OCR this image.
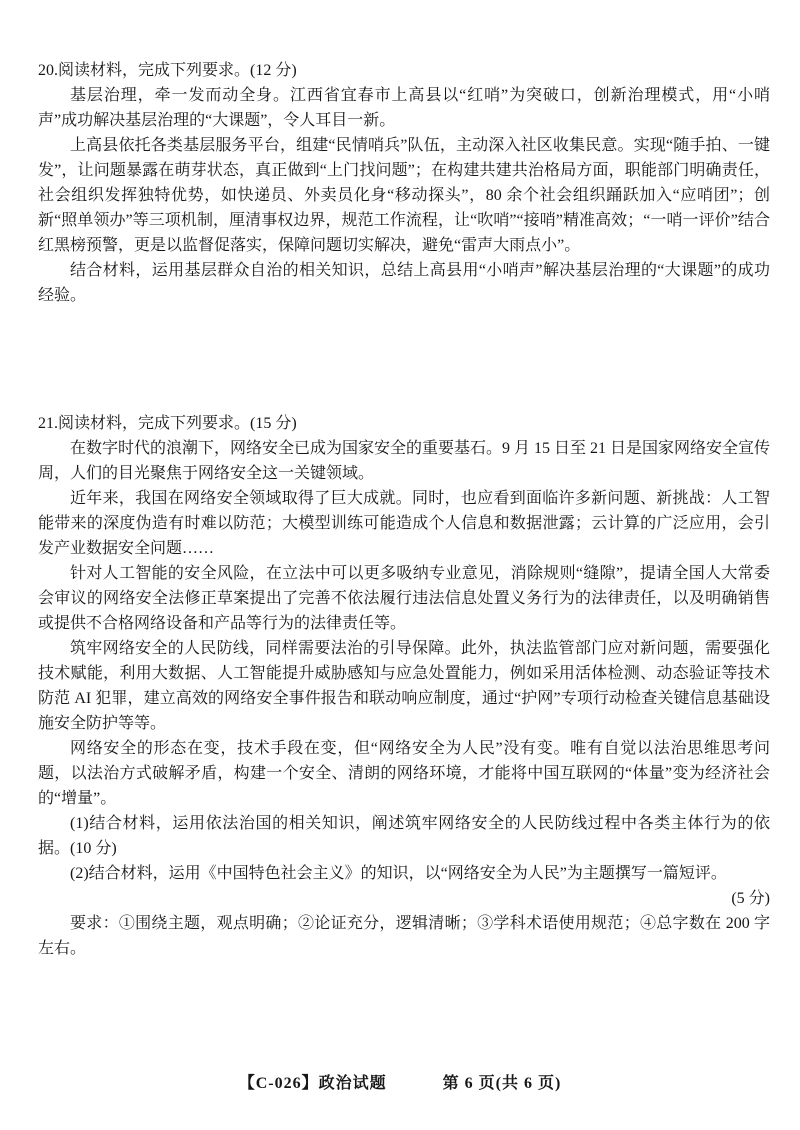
20.阅读材料，完成下列要求。(12 分)

基层治理，牵一发而动全身。江西省宜春市上高县以“红哨”为突破口，创新治理模式，用“小哨声”成功解决基层治理的“大课题”，令人耳目一新。

上高县依托各类基层服务平台，组建“民情哨兵”队伍，主动深入社区收集民意。实现“随手拍、一键发”，让问题暴露在萌芽状态，真正做到“上门找问题”；在构建共建共治格局方面，职能部门明确责任，社会组织发挥独特优势，如快递员、外卖员化身“移动探头”，80 余个社会组织踊跃加入“应哨团”；创新“照单领办”等三项机制，厘清事权边界，规范工作流程，让“吹哨”“接哨”精准高效；“一哨一评价”结合红黑榜预警，更是以监督促落实，保障问题切实解决，避免“雷声大雨点小”。

结合材料，运用基层群众自治的相关知识，总结上高县用“小哨声”解决基层治理的“大课题”的成功经验。

21.阅读材料，完成下列要求。(15 分)

在数字时代的浪潮下，网络安全已成为国家安全的重要基石。9 月 15 日至 21 日是国家网络安全宣传周，人们的目光聚焦于网络安全这一关键领域。

近年来，我国在网络安全领域取得了巨大成就。同时，也应看到面临许多新问题、新挑战：人工智能带来的深度伪造有时难以防范；大模型训练可能造成个人信息和数据泄露；云计算的广泛应用，会引发产业数据安全问题……

针对人工智能的安全风险，在立法中可以更多吸纳专业意见，消除规则“缝隙”，提请全国人大常委会审议的网络安全法修正草案提出了完善不依法履行违法信息处置义务行为的法律责任，以及明确销售或提供不合格网络设备和产品等行为的法律责任等。

筑牢网络安全的人民防线，同样需要法治的引导保障。此外，执法监管部门应对新问题，需要强化技术赋能，利用大数据、人工智能提升威胁感知与应急处置能力，例如采用活体检测、动态验证等技术防范 AI 犯罪，建立高效的网络安全事件报告和联动响应制度，通过“护网”专项行动检查关键信息基础设施安全防护等等。

网络安全的形态在变，技术手段在变，但“网络安全为人民”没有变。唯有自觉以法治思维思考问题，以法治方式破解矛盾，构建一个安全、清朗的网络环境，才能将中国互联网的“体量”变为经济社会的“增量”。

(1)结合材料，运用依法治国的相关知识，阐述筑牢网络安全的人民防线过程中各类主体行为的依据。(10 分)

(2)结合材料，运用《中国特色社会主义》的知识，以“网络安全为人民”为主题撰写一篇短评。

(5 分)

要求：①围绕主题，观点明确；②论证充分，逻辑清晰；③学科术语使用规范；④总字数在 200 字左右。

【C-026】政治试题	第 6 页(共 6 页)
